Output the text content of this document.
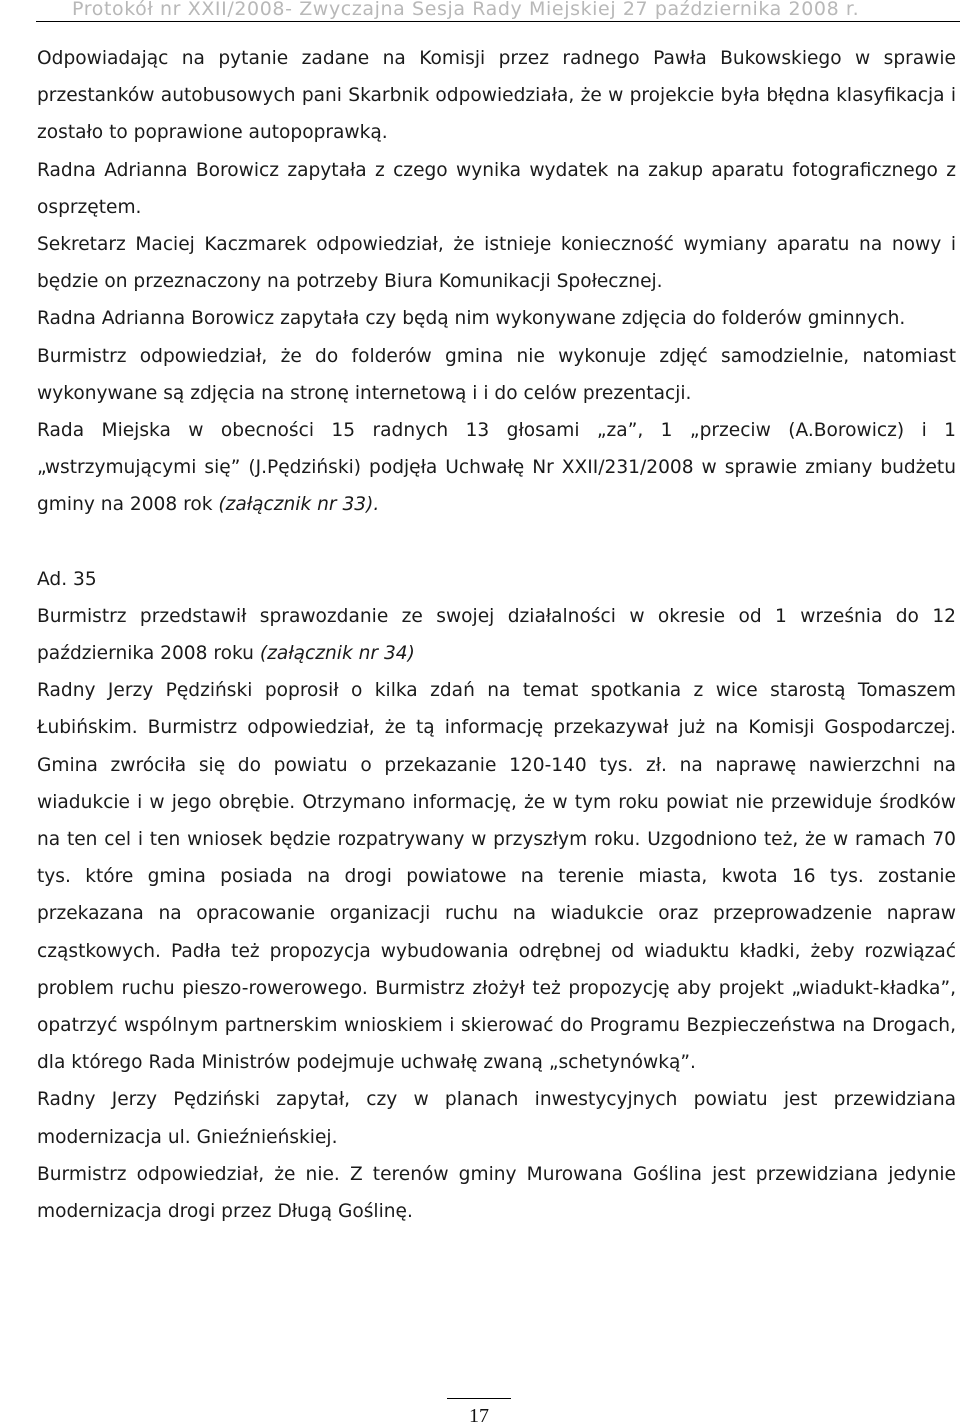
Protokół nr XXII/2008- Zwyczajna Sesja Rady Miejskiej 27 października 2008 r.

Odpowiadając na pytanie zadane na Komisji przez radnego Pawła Bukowskiego w sprawie przestanków autobusowych pani Skarbnik odpowiedziała, że w projekcie była błędna klasyfikacja i zostało to poprawione autopoprawką.

Radna Adrianna Borowicz zapytała z czego wynika wydatek na zakup aparatu fotograficznego z osprzętem.

Sekretarz Maciej Kaczmarek odpowiedział, że istnieje konieczność wymiany aparatu na nowy i będzie on przeznaczony na potrzeby Biura Komunikacji Społecznej.

Radna Adrianna Borowicz zapytała czy będą nim wykonywane zdjęcia do folderów gminnych.

Burmistrz odpowiedział, że do folderów gmina nie wykonuje zdjęć samodzielnie, natomiast wykonywane są zdjęcia na stronę internetową i i do celów prezentacji.

Rada Miejska w obecności 15 radnych 13 głosami „za”, 1 „przeciw (A.Borowicz) i 1 „wstrzymującymi się” (J.Pędziński) podjęła Uchwałę Nr XXII/231/2008 w sprawie zmiany budżetu gminy na 2008 rok (załącznik nr 33).

Ad. 35

Burmistrz przedstawił sprawozdanie ze swojej działalności w okresie od 1 września do 12 października 2008 roku (załącznik nr 34)

Radny Jerzy Pędziński poprosił o kilka zdań na temat spotkania z wice starostą Tomaszem Łubińskim. Burmistrz odpowiedział, że tą informację przekazywał już na Komisji Gospodarczej. Gmina zwróciła się do powiatu o przekazanie 120-140 tys. zł. na naprawę nawierzchni na wiadukcie i w jego obrębie. Otrzymano informację, że w tym roku powiat nie przewiduje środków na ten cel i ten wniosek będzie rozpatrywany w przyszłym roku. Uzgodniono też, że w ramach 70 tys. które gmina posiada na drogi powiatowe na terenie miasta, kwota 16 tys. zostanie przekazana na opracowanie organizacji ruchu na wiadukcie oraz przeprowadzenie napraw cząstkowych. Padła też propozycja wybudowania odrębnej od wiaduktu kładki, żeby rozwiązać problem ruchu pieszo-rowerowego. Burmistrz złożył też propozycję aby projekt „wiadukt-kładka”, opatrzyć wspólnym partnerskim wnioskiem i skierować do Programu Bezpieczeństwa na Drogach, dla którego Rada Ministrów podejmuje uchwałę zwaną „schetynówką”.

Radny Jerzy Pędziński zapytał, czy w planach inwestycyjnych powiatu jest przewidziana modernizacja ul. Gnieźnieńskiej.

Burmistrz odpowiedział, że nie. Z terenów gminy Murowana Goślina jest przewidziana jedynie modernizacja drogi przez Długą Goślinę.

17
